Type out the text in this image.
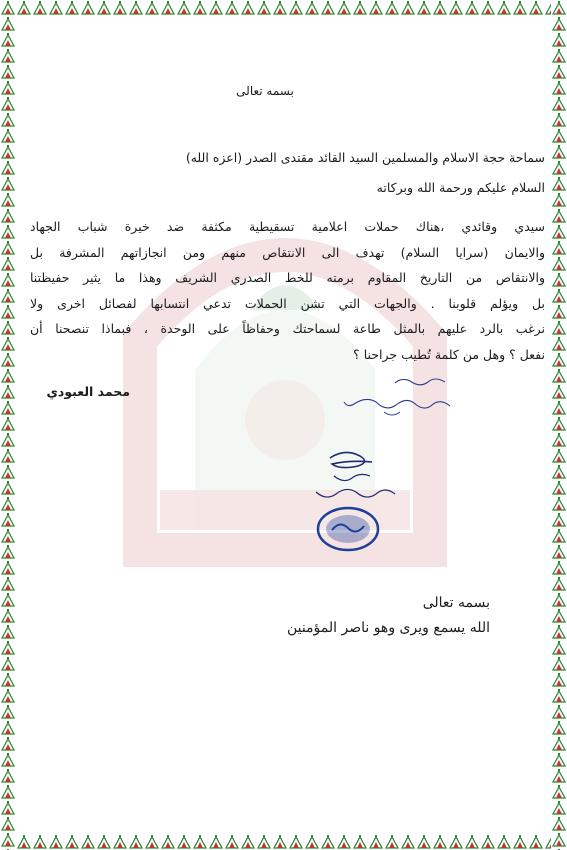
بسمه تعالى
سماحة حجة الاسلام والمسلمين السيد القائد مقتدى الصدر (اعزه الله)
السلام عليكم ورحمة الله وبركاته
سيدي وقائدي ،هناك حملات اعلامية تسقيطية مكثفة ضد خيرة شباب الجهاد
والايمان (سرايا السلام) تهدف الى الانتقاص منهم ومن انجازاتهم المشرفة بل
والانتقاص من التاريخ المقاوم برمته للخط الصدري الشريف وهذا ما يثير حفيظتنا
بل ويؤلم قلوبنا . والجهات التي تشن الحملات تدعي انتسابها لفصائل اخرى ولا
نرغب بالرد عليهم بالمثل طاعة لسماحتك وحفاظاً على الوحدة ، فبماذا تنصحنا أن
نفعل ؟ وهل من كلمة تُطيب جراحنا ؟
محمد العبودي
بسمه تعالى
الله يسمع ويرى وهو ناصر المؤمنين
